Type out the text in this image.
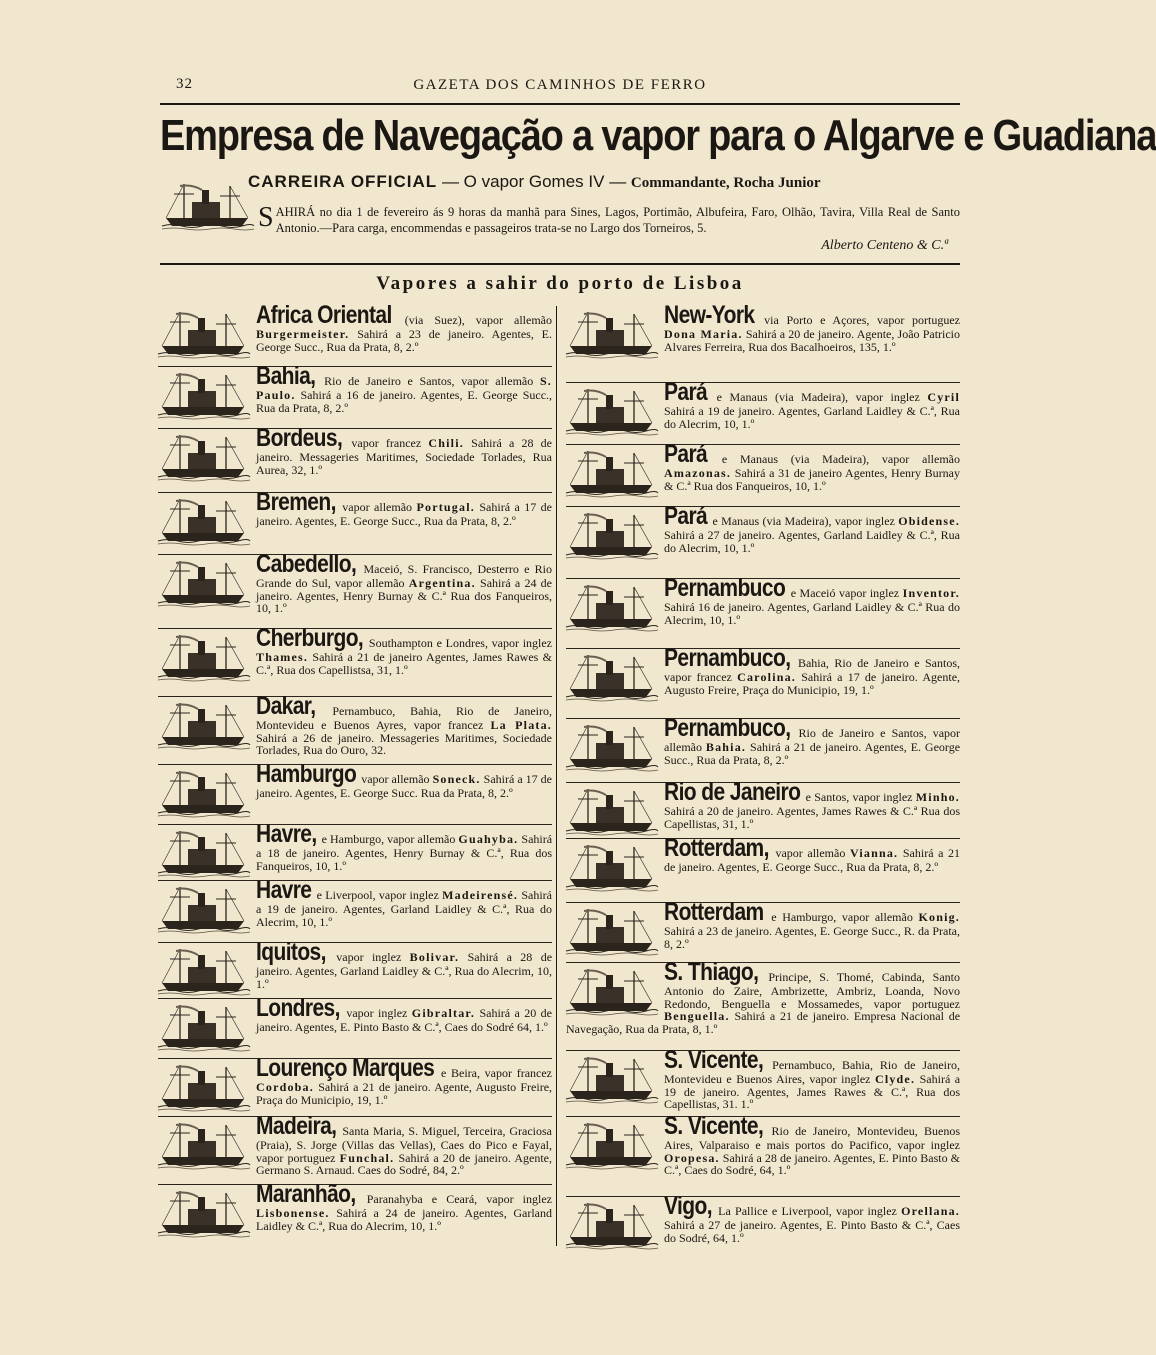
32	GAZETA DOS CAMINHOS DE FERRO
Empresa de Navegação a vapor para o Algarve e Guadiana
CARREIRA OFFICIAL — O vapor Gomes IV — Commandante, Rocha Junior
SAHIRÁ no dia 1 de fevereiro ás 9 horas da manhã para Sines, Lagos, Portimão, Albufeira, Faro, Olhão, Tavira, Villa Real de Santo Antonio.—Para carga, encommendas e passageiros trata-se no Largo dos Torneiros, 5.
Alberto Centeno & C.ª
Vapores a sahir do porto de Lisboa
Africa Oriental (via Suez), vapor allemão Burgermeister. Sahirá a 23 de janeiro. Agentes, E. George Succ., Rua da Prata, 8, 2.º
Bahia, Rio de Janeiro e Santos, vapor allemão S. Paulo. Sahirá a 16 de janeiro. Agentes, E. George Succ., Rua da Prata, 8, 2.º
Bordeus, vapor francez Chili. Sahirá a 28 de janeiro. Messageries Maritimes, Sociedade Torlades, Rua Aurea, 32, 1.º
Bremen, vapor allemão Portugal. Sahirá a 17 de janeiro. Agentes, E. George Succ., Rua da Prata, 8, 2.º
Cabedello, Maceió, S. Francisco, Desterro e Rio Grande do Sul, vapor allemão Argentina. Sahirá a 24 de janeiro. Agentes, Henry Burnay & C.ª Rua dos Fanqueiros, 10, 1.º
Cherburgo, Southampton e Londres, vapor inglez Thames. Sahirá a 21 de janeiro Agentes, James Rawes & C.ª, Rua dos Capellistsa, 31, 1.º
Dakar, Pernambuco, Bahia, Rio de Janeiro, Montevideu e Buenos Ayres, vapor francez La Plata. Sahirá a 26 de janeiro. Messageries Maritimes, Sociedade Torlades, Rua do Ouro, 32.
Hamburgo vapor allemão Soneck. Sahirá a 17 de janeiro. Agentes, E. George Succ. Rua da Prata, 8, 2.º
Havre, e Hamburgo, vapor allemão Guahyba. Sahirá a 18 de janeiro. Agentes, Henry Burnay & C.ª, Rua dos Fanqueiros, 10, 1.º
Havre e Liverpool, vapor inglez Madeirensé. Sahirá a 19 de janeiro. Agentes, Garland Laidley & C.ª, Rua do Alecrim, 10, 1.º
Iquitos, vapor inglez Bolivar. Sahirá a 28 de janeiro. Agentes, Garland Laidley & C.ª, Rua do Alecrim, 10, 1.º
Londres, vapor inglez Gibraltar. Sahirá a 20 de janeiro. Agentes, E. Pinto Basto & C.ª, Caes do Sodré 64, 1.º
Lourenço Marques e Beira, vapor francez Cordoba. Sahirá a 21 de janeiro. Agente, Augusto Freire, Praça do Municipio, 19, 1.º
Madeira, Santa Maria, S. Miguel, Terceira, Graciosa (Praia), S. Jorge (Villas das Vellas), Caes do Pico e Fayal, vapor portuguez Funchal. Sahirá a 20 de janeiro. Agente, Germano S. Arnaud. Caes do Sodré, 84, 2.º
Maranhão, Paranahyba e Ceará, vapor inglez Lisbonense. Sahirá a 24 de janeiro. Agentes, Garland Laidley & C.ª, Rua do Alecrim, 10, 1.º
New-York via Porto e Açores, vapor portuguez Dona Maria. Sahirá a 20 de janeiro. Agente, João Patricio Alvares Ferreira, Rua dos Bacalhoeiros, 135, 1.º
Pará e Manaus (via Madeira), vapor inglez Cyril Sahirá a 19 de janeiro. Agentes, Garland Laidley & C.ª, Rua do Alecrim, 10, 1.º
Pará e Manaus (via Madeira), vapor allemão Amazonas. Sahirá a 31 de janeiro Agentes, Henry Burnay & C.ª Rua dos Fanqueiros, 10, 1.º
Pará e Manaus (via Madeira), vapor inglez Obidense. Sahirá a 27 de janeiro. Agentes, Garland Laidley & C.ª, Rua do Alecrim, 10, 1.º
Pernambuco e Maceió vapor inglez Inventor. Sahirá 16 de janeiro. Agentes, Garland Laidley & C.ª Rua do Alecrim, 10, 1.º
Pernambuco, Bahia, Rio de Janeiro e Santos, vapor francez Carolina. Sahirá a 17 de janeiro. Agente, Augusto Freire, Praça do Municipio, 19, 1.º
Pernambuco, Rio de Janeiro e Santos, vapor allemão Bahia. Sahirá a 21 de janeiro. Agentes, E. George Succ., Rua da Prata, 8, 2.º
Rio de Janeiro e Santos, vapor inglez Minho. Sahirá a 20 de janeiro. Agentes, James Rawes & C.ª Rua dos Capellistas, 31, 1.º
Rotterdam, vapor allemão Vianna. Sahirá a 21 de janeiro. Agentes, E. George Succ., Rua da Prata, 8, 2.º
Rotterdam e Hamburgo, vapor allemão Konig. Sahirá a 23 de janeiro. Agentes, E. George Succ., R. da Prata, 8, 2.º
S. Thiago, Principe, S. Thomé, Cabinda, Santo Antonio do Zaire, Ambrizette, Ambriz, Loanda, Novo Redondo, Benguella e Mossamedes, vapor portuguez Benguella. Sahirá a 21 de janeiro. Empresa Nacional de Navegação, Rua da Prata, 8, 1.º
S. Vicente, Pernambuco, Bahia, Rio de Janeiro, Montevideu e Buenos Aires, vapor inglez Clyde. Sahirá a 19 de janeiro. Agentes, James Rawes & C.ª, Rua dos Capellistas, 31. 1.º
S. Vicente, Rio de Janeiro, Montevideu, Buenos Aires, Valparaiso e mais portos do Pacifico, vapor inglez Oropesa. Sahirá a 28 de janeiro. Agentes, E. Pinto Basto & C.ª, Caes do Sodré, 64, 1.º
Vigo, La Pallice e Liverpool, vapor inglez Orellana. Sahirá a 27 de janeiro. Agentes, E. Pinto Basto & C.ª, Caes do Sodré, 64, 1.º
